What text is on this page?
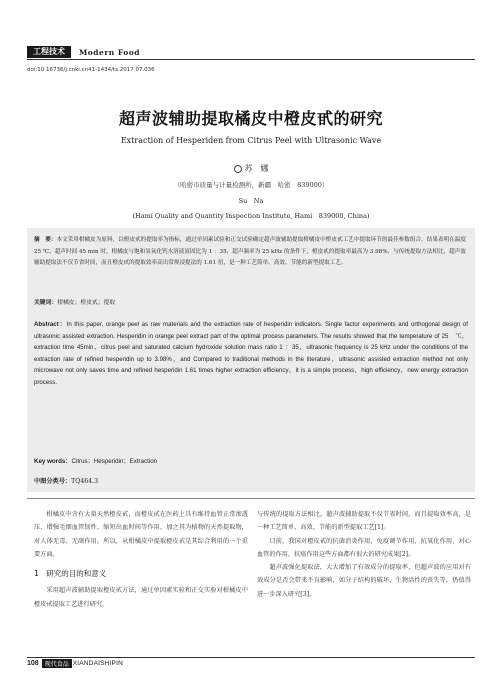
工程技术	Modern Food
doi:10.16736/j.cnki.cn41-1434/ts.2017.07.036
超声波辅助提取橘皮中橙皮甙的研究
Extraction of Hesperiden from Citrus Peel with Ultrasonic Wave
苏　娜
（哈密市质量与计量检测所，新疆　哈密　839000）
Su　Na
(Hami Quality and Quantity Inspection Institute, Hami　839000, China)
摘　要：本文采用柑橘皮为原料，以橙皮甙的提取率为指标，通过单因素试验和正交试验确定超声波辅助提取柑橘皮中橙皮甙工艺中提取环节的最佳参数组合。结果表明在温度 25 ℃，超声时间 45 min 时，柑橘皮与饱和氢氧化钙水溶液液固比为 1 ：35，超声频率为 25 kHz 的条件下，橙皮甙的提取率最高为 3.98%，与传统提取方法相比，超声波辅助提取法不仅节省时间，而且橙皮甙的提取效率高出常规浸提法的 1.61 倍，是一种工艺简单、高效、节能的新型提取工艺。
关键词：柑橘皮；橙皮甙；提取
Abstract：In this paper, orange peel as raw materials and the extraction rate of hesperidin indicators. Single factor experiments and orthogonal design of ultrasonic assisted extraction. Hesperidin in orange peel extract part of the optimal process parameters. The results showed that the temperature of 25　℃，extraction time 45min，citrus peel and saturated calcium hydroxide solution mass ratio 1 ：35，ultrasonic frequency is 25 kHz under the conditions of the extraction rate of refined hesperidin up to 3.98%，and Compared to traditional methods in the literature，ultrasonic assisted extraction method not only microwave not only saves time and refined hesperidin 1.61 times higher extraction efficiency，it is a simple process，high efficiency，new energy extraction process.
Key words：Citrus；Hesperidin；Extraction
中图分类号：TQ464.3

柑橘皮中含有大量天然橙皮甙，而橙皮甙在医药上具有维持血管正常渗透压、增强毛细血管韧性、缩短出血时间等作用，加之其为植物的天然提取物，对人体无毒、无副作用。所以，从柑橘皮中提取橙皮甙是其综合利用的一个重要方面。

1　研究的目的和意义

采用超声波辅助提取橙皮甙方法，通过单因素实验和正交实验对柑橘皮中橙皮甙提取工艺进行研究，

与传统的提取方法相比，超声波辅助提取不仅节省时间，而且提取效率高，是一种工艺简单、高效、节能的新型提取工艺[1]。

目前，我国对橙皮甙的抗菌消炎作用，免疫调节作用，抗氧化作用，对心血管的作用，抗癌作用这些方面都有很大的研究成果[2]。

超声波强化提取法，大大增加了有效成分的提取率，但超声波的应用对有效成分是否会带来不良影响，如分子结构的破坏、生物活性的丧失等，仍值得进一步深入研究[3]。

108	现代食品 XIANDAISHIPIN
